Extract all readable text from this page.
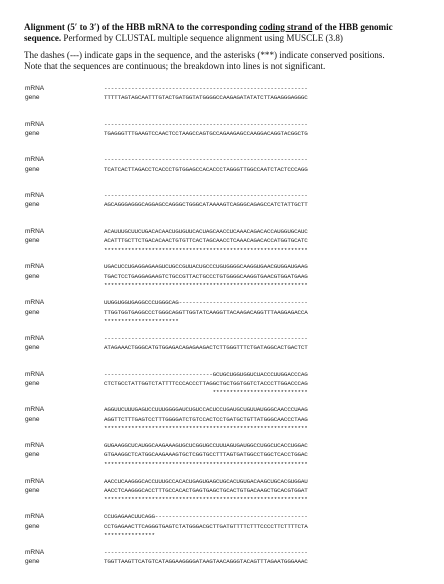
Alignment (5′ to 3′) of the HBB mRNA to the corresponding coding strand of the HBB genomic sequence. Performed by CLUSTAL multiple sequence alignment using MUSCLE (3.8)
The dashes (---) indicate gaps in the sequence, and the asterisks (***) indicate conserved positions.
Note that the sequences are continuous; the breakdown into lines is not significant.
mRNA	------------------------------------------------------------
gene	TTTTTAGTAGCAATTTGTACTGATGGTATGGGGCCAAGAGATATATCTTAGAGGGAGGGC
mRNA	------------------------------------------------------------
gene	TGAGGGTTTGAAGTCCAACTCCTAAGCCAGTGCCAGAAGAGCCAAGGACAGGTACGGCTG
mRNA	------------------------------------------------------------
gene	TCATCACTTAGACCTCACCCTGTGGAGCCACACCCTAGGGTTGGCCAATCTACTCCCAGG
mRNA	------------------------------------------------------------
gene	AGCAGGGAGGGCAGGAGCCAGGGCTGGGCATAAAAGTCAGGGCAGAGCCATCTATTGCTT
mRNA	ACAUUUGCUUCUGACACAACUGUGUUCACUAGCAACCUCAAACAGACACCAUGGUGCAUC
gene	ACATTTGCTTCTGACACAACTGTGTTCACTAGCAACCTCAAACAGACACCATGGTGCATC
************************************************************
mRNA	UGACUCCUGAGGAGAAGUCUGCCGUUACUGCCCUGUGGGGCAAGGUGAACGUGGAUGAAG
gene	TGACTCCTGAGGAGAAGTCTGCCGTTACTGCCCTGTGGGGCAAGGTGAACGTGGATGAAG
************************************************************
mRNA	UUGGUGGUGAGGCCCUGGGCAG--------------------------------------
gene	TTGGTGGTGAGGCCCTGGGCAGGTTGGTATCAAGGTTACAAGACAGGTTTAAGGAGACCA
**********************
mRNA	------------------------------------------------------------
gene	ATAGAAACTGGGCATGTGGAGACAGAGAAGACTCTTGGGTTTCTGATAGGCACTGACTCT
mRNA	--------------------------------GCUGCUGGUGGUCUACCCUUGGACCCAG
gene	CTCTGCCTATTGGTCTATTTTCCCACCCTTAGGCTGCTGGTGGTCTACCCTTGGACCCAG
****************************
mRNA	AGGUUCUUUGAGUCCUUUGGGGAUCUGUCCACUCCUGAUGCUGUUAUGGGCAACCCUAAG
gene	AGGTTCTTTGAGTCCTTTGGGGATCTGTCCACTCCTGATGCTGTTATGGGCAACCCTAAG
************************************************************
mRNA	GUGAAGGCUCAUGGCAAGAAAGUGCUCGGUGCCUUUAGUGAUGGCCUGGCUCACCUGGAC
gene	GTGAAGGCTCATGGCAAGAAAGTGCTCGGTGCCTTTAGTGATGGCCTGGCTCACCTGGAC
************************************************************
mRNA	AACCUCAAGGGCACCUUUGCCACACUGAGUGAGCUGCACUGUGACAAGCUGCACGUGGAU
gene	AACCTCAAGGGCACCTTTGCCACACTGAGTGAGCTGCACTGTGACAAGCTGCACGTGGAT
************************************************************
mRNA	CCUGAGAACUUCAGG---------------------------------------------
gene	CCTGAGAACTTCAGGGTGAGTCTATGGGACGCTTGATGTTTTCTTTCCCCTTCTTTTCTA
***************
mRNA	------------------------------------------------------------
gene	TGGTTAAGTTCATGTCATAGGAAGGGGATAAGTAACAGGGTACAGTTTAGAATGGGAAAC
